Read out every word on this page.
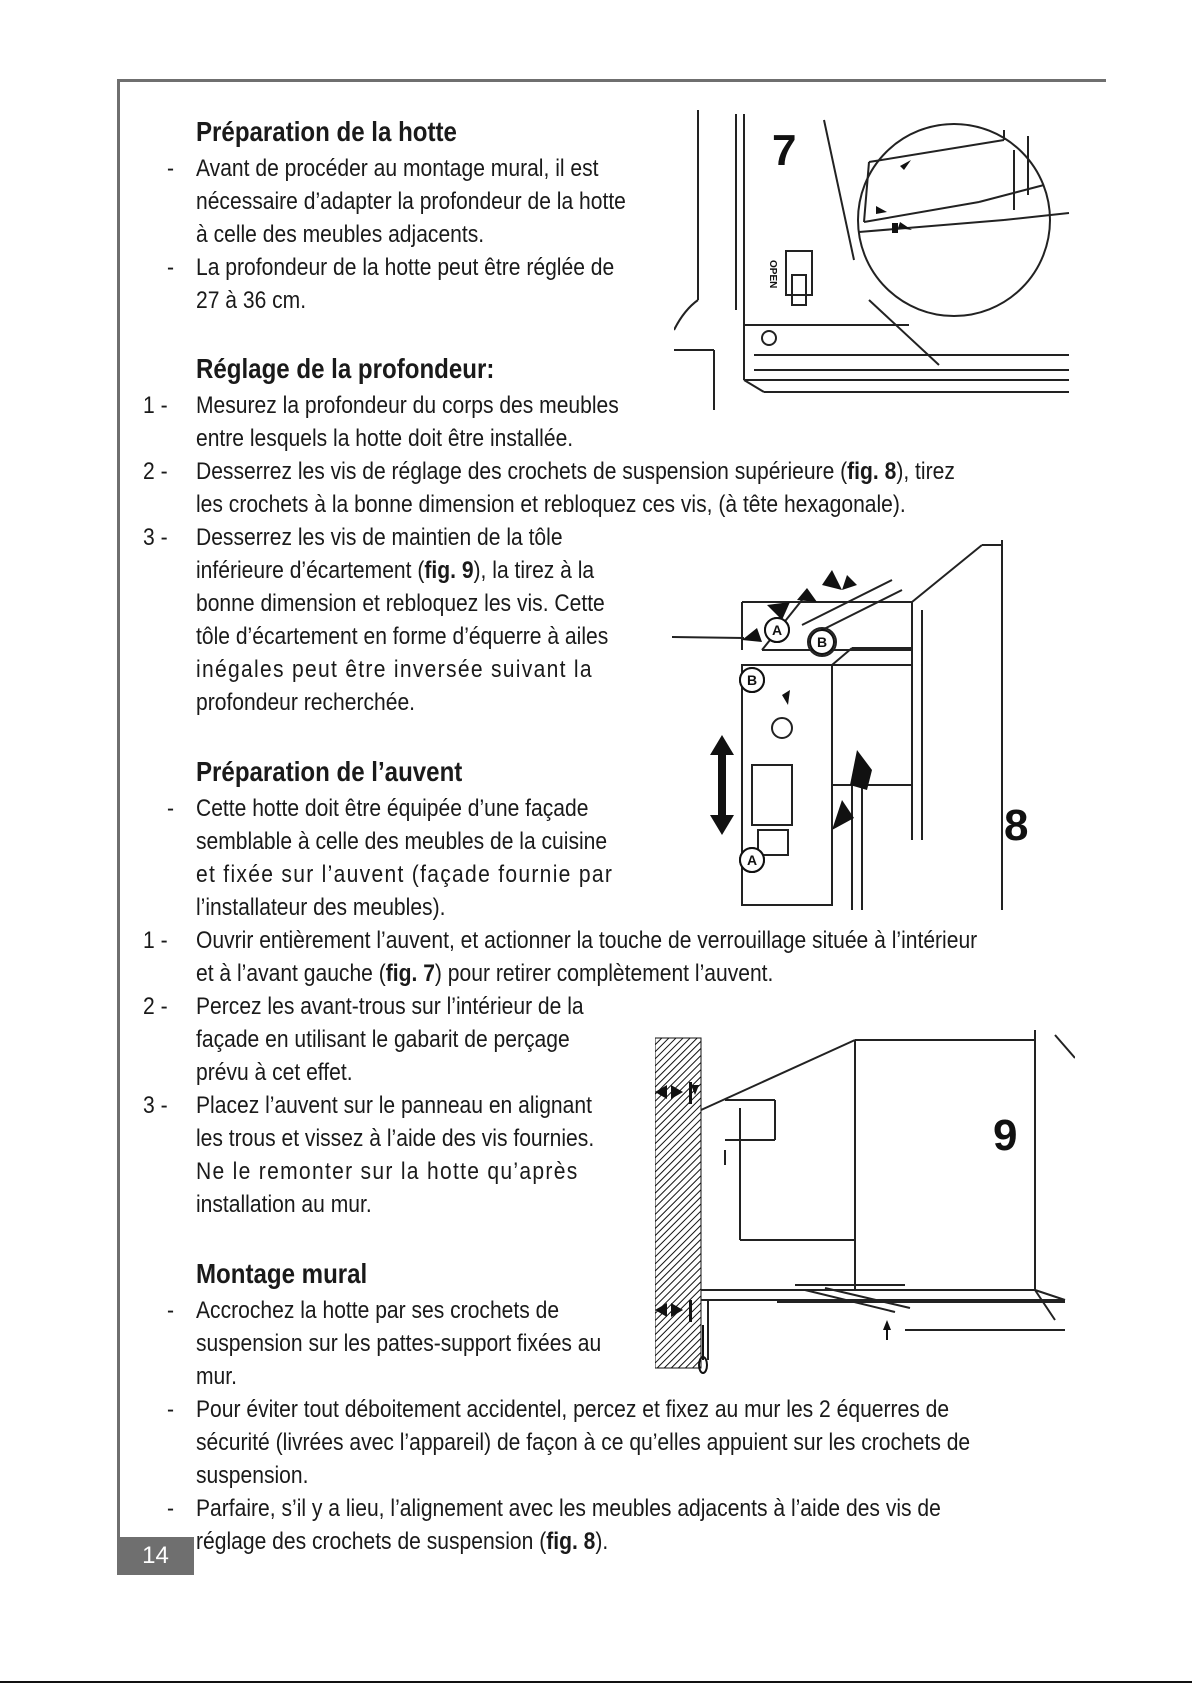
14
Préparation de la hotte
- Avant de procéder au montage mural, il est
nécessaire d’adapter la profondeur de la hotte
à celle des meubles adjacents.
- La profondeur de la hotte peut être réglée de
27 à 36 cm.
Réglage de la profondeur:
1 - Mesurez la profondeur du corps des meubles
entre lesquels la hotte doit être installée.
2 - Desserrez les vis de réglage des crochets de suspension supérieure (fig. 8), tirez
les crochets à la bonne dimension et rebloquez ces vis, (à tête hexagonale).
3 - Desserrez les vis de maintien de la tôle
inférieure d’écartement (fig. 9), la tirez à la
bonne dimension et rebloquez les vis. Cette
tôle d’écartement en forme d’équerre à ailes
inégales peut être inversée suivant la
profondeur recherchée.
Préparation de l’auvent
- Cette hotte doit être équipée d’une façade
semblable à celle des meubles de la cuisine
et fixée sur l’auvent (façade fournie par
l’installateur des meubles).
1 - Ouvrir entièrement l’auvent, et actionner la touche de verrouillage située à l’intérieur
et à l’avant gauche (fig. 7) pour retirer complètement l’auvent.
2 - Percez les avant-trous sur l’intérieur de la
façade en utilisant le gabarit de perçage
prévu à cet effet.
3 - Placez l’auvent sur le panneau en alignant
les trous et vissez à l’aide des vis fournies.
Ne le remonter sur la hotte qu’après
installation au mur.
Montage mural
- Accrochez la hotte par ses crochets de
suspension sur les pattes-support fixées au
mur.
- Pour éviter tout déboitement accidentel, percez et fixez au mur les 2 équerres de
sécurité (livrées avec l’appareil) de façon à ce qu’elles appuient sur les crochets de
suspension.
- Parfaire, s’il y a lieu, l’alignement avec les meubles adjacents à l’aide des vis de
réglage des crochets de suspension (fig. 8).
7
OPEN
B
A
A
B
8
9
